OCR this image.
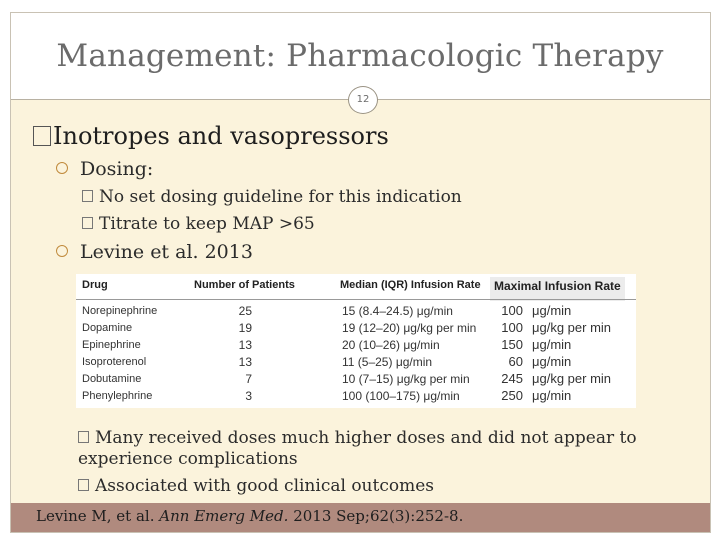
Management: Pharmacologic Therapy
12
Inotropes and vasopressors
Dosing:
No set dosing guideline for this indication
Titrate to keep MAP >65
Levine et al. 2013
Drug	Number of Patients	Median (IQR) Infusion Rate	Maximal Infusion Rate
Norepinephrine	25	15 (8.4–24.5) μg/min	100 μg/min
Dopamine	19	19 (12–20) μg/kg per min	100 μg/kg per min
Epinephrine	13	20 (10–26) μg/min	150 μg/min
Isoproterenol	13	11 (5–25) μg/min	60 μg/min
Dobutamine	7	10 (7–15) μg/kg per min	245 μg/kg per min
Phenylephrine	3	100 (100–175) μg/min	250 μg/min
Many received doses much higher doses and did not appear to experience complications
Associated with good clinical outcomes
Levine M, et al. Ann Emerg Med. 2013 Sep;62(3):252-8.
